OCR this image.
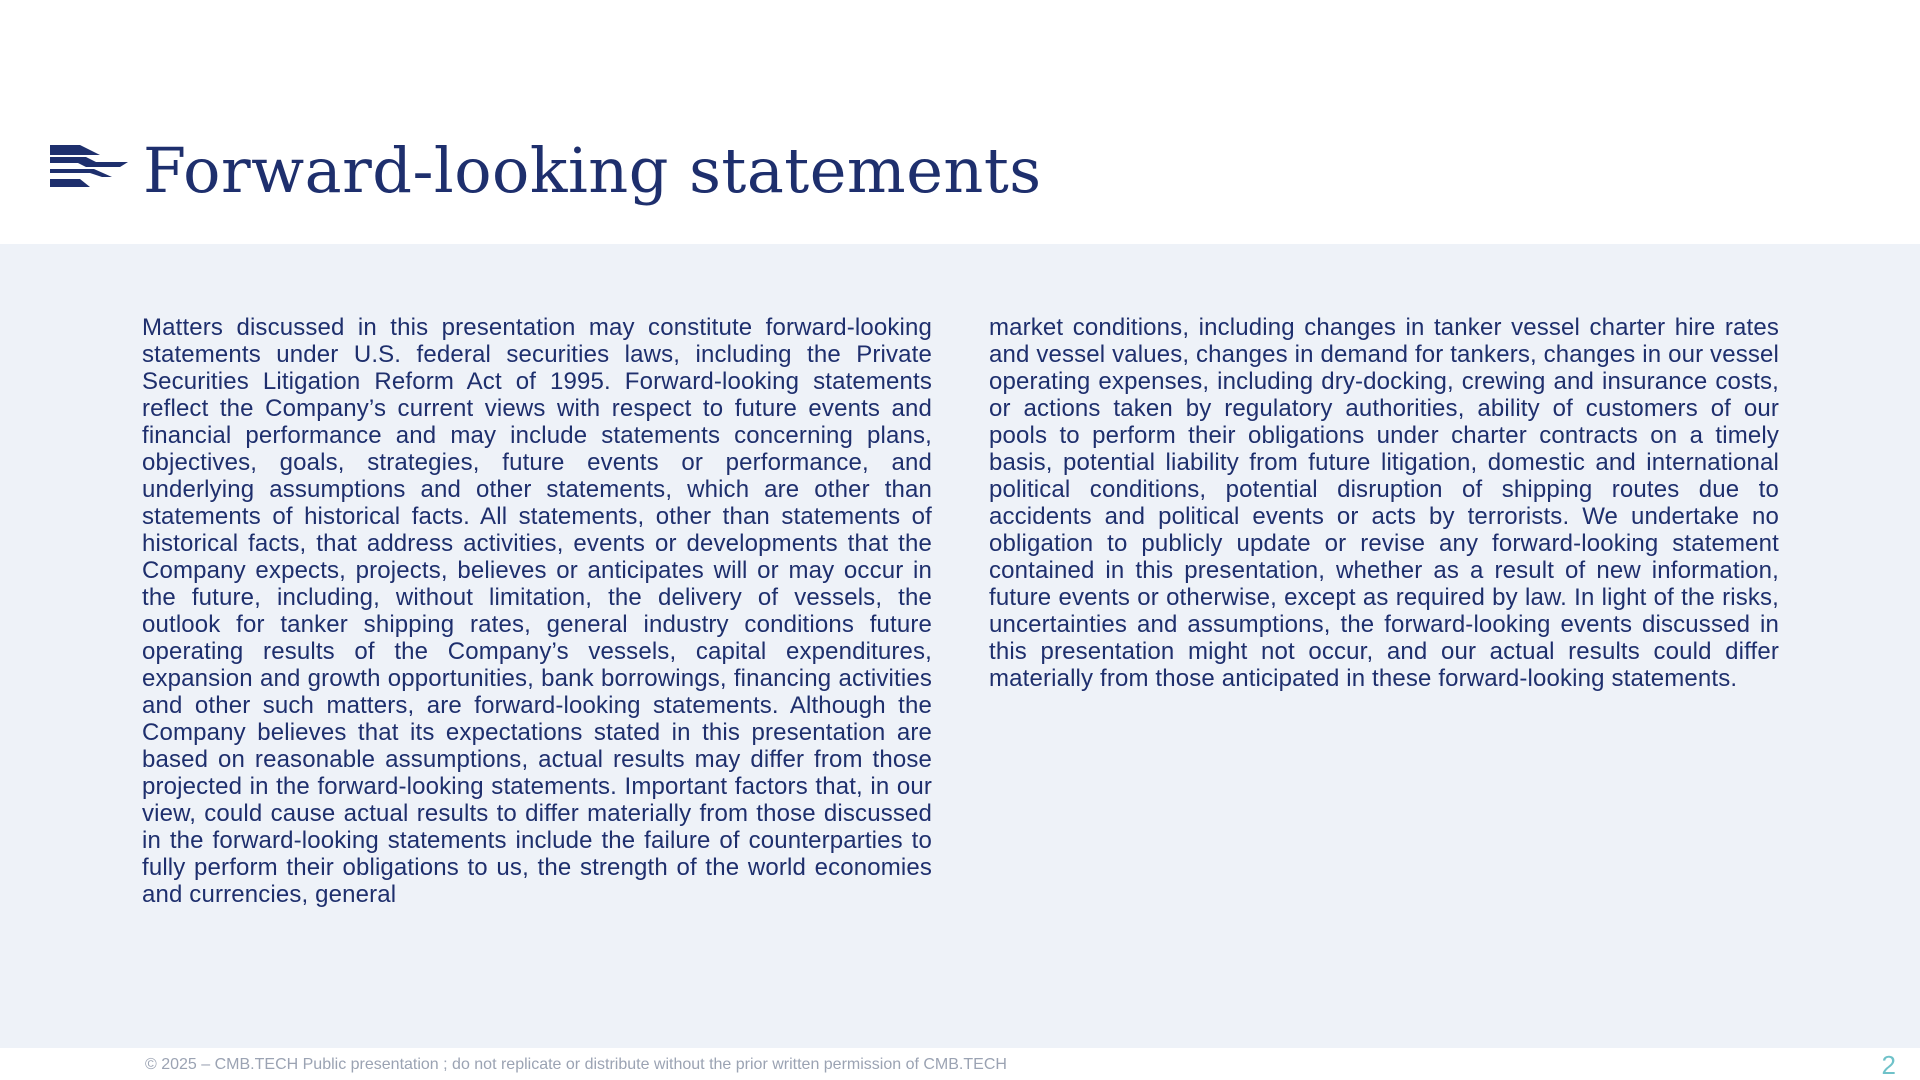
Forward-looking statements

Matters discussed in this presentation may constitute forward-looking statements under U.S. federal securities laws, including the Private Securities Litigation Reform Act of 1995. Forward-looking statements reflect the Company’s current views with respect to future events and financial performance and may include statements concerning plans, objectives, goals, strategies, future events or performance, and underlying assumptions and other statements, which are other than statements of historical facts. All statements, other than statements of historical facts, that address activities, events or developments that the Company expects, projects, believes or anticipates will or may occur in the future, including, without limitation, the delivery of vessels, the outlook for tanker shipping rates, general industry conditions future operating results of the Company’s vessels, capital expenditures, expansion and growth opportunities, bank borrowings, financing activities and other such matters, are forward-looking statements. Although the Company believes that its expectations stated in this presentation are based on reasonable assumptions, actual results may differ from those projected in the forward-looking statements. Important factors that, in our view, could cause actual results to differ materially from those discussed in the forward-looking statements include the failure of counterparties to fully perform their obligations to us, the strength of the world economies and currencies, general

market conditions, including changes in tanker vessel charter hire rates and vessel values, changes in demand for tankers, changes in our vessel operating expenses, including dry-docking, crewing and insurance costs, or actions taken by regulatory authorities, ability of customers of our pools to perform their obligations under charter contracts on a timely basis, potential liability from future litigation, domestic and international political conditions, potential disruption of shipping routes due to accidents and political events or acts by terrorists. We undertake no obligation to publicly update or revise any forward-looking statement contained in this presentation, whether as a result of new information, future events or otherwise, except as required by law. In light of the risks, uncertainties and assumptions, the forward-looking events discussed in this presentation might not occur, and our actual results could differ materially from those anticipated in these forward-looking statements.

© 2025 – CMB.TECH Public presentation ; do not replicate or distribute without the prior written permission of CMB.TECH	2
